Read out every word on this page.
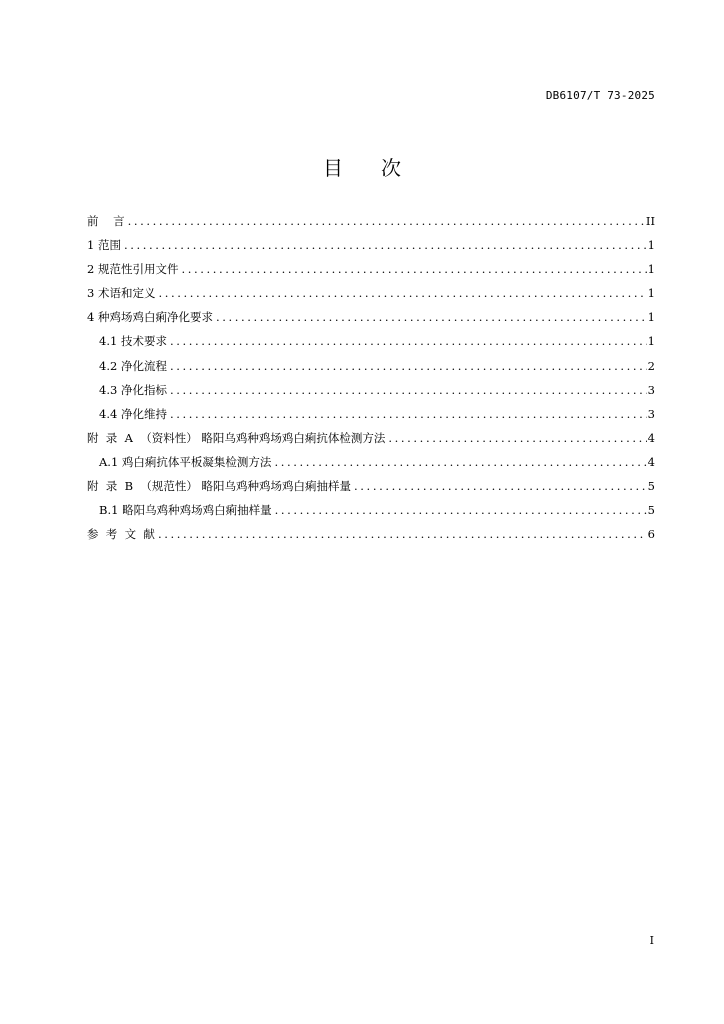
DB6107/T 73-2025
目次
前    言 .....	II
1 范围 .....	1
2 规范性引用文件 .....	1
3 术语和定义 .....	1
4 种鸡场鸡白痢净化要求 .....	1
4.1 技术要求 .....	1
4.2 净化流程 .....	2
4.3 净化指标 .....	3
4.4 净化维持 .....	3
附  录  A  （资料性） 略阳乌鸡种鸡场鸡白痢抗体检测方法 .....	4
A.1 鸡白痢抗体平板凝集检测方法 .....	4
附  录  B  （规范性） 略阳乌鸡种鸡场鸡白痢抽样量 .....	5
B.1 略阳乌鸡种鸡场鸡白痢抽样量 .....	5
参  考  文  献 .....	6
I
